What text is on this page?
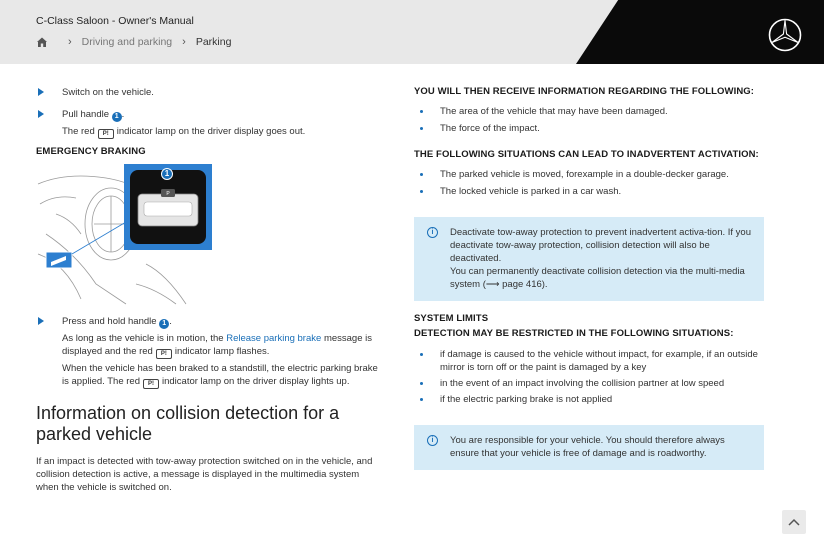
C-Class Saloon - Owner's Manual
› Driving and parking › Parking
Switch on the vehicle.
Pull handle 1 .
The red P! indicator lamp on the driver display goes out.
EMERGENCY BRAKING
P
1
Press and hold handle 1 .
As long as the vehicle is in motion, the Release parking brake message is displayed and the red P! indicator lamp flashes.
When the vehicle has been braked to a standstill, the electric parking brake is applied. The red P! indicator lamp on the driver display lights up.
Information on collision detection for a parked vehicle

If an impact is detected with tow-away protection switched on in the vehicle, and collision detection is active, a message is displayed in the multimedia system when the vehicle is switched on.

YOU WILL THEN RECEIVE INFORMATION REGARDING THE FOLLOWING:
The area of the vehicle that may have been damaged.
The force of the impact.
THE FOLLOWING SITUATIONS CAN LEAD TO INADVERTENT ACTIVATION:
The parked vehicle is moved, forexample in a double-decker garage.
The locked vehicle is parked in a car wash.
i	Deactivate tow-away protection to prevent inadvertent activa-tion. If you deactivate tow-away protection, collision detection will also be deactivated.
You can permanently deactivate collision detection via the multi-media system (⟶ page 416).
SYSTEM LIMITS
DETECTION MAY BE RESTRICTED IN THE FOLLOWING SITUATIONS:
if damage is caused to the vehicle without impact, for example, if an outside mirror is torn off or the paint is damaged by a key
in the event of an impact involving the collision partner at low speed
if the electric parking brake is not applied
i	You are responsible for your vehicle. You should therefore always ensure that your vehicle is free of damage and is roadworthy.
